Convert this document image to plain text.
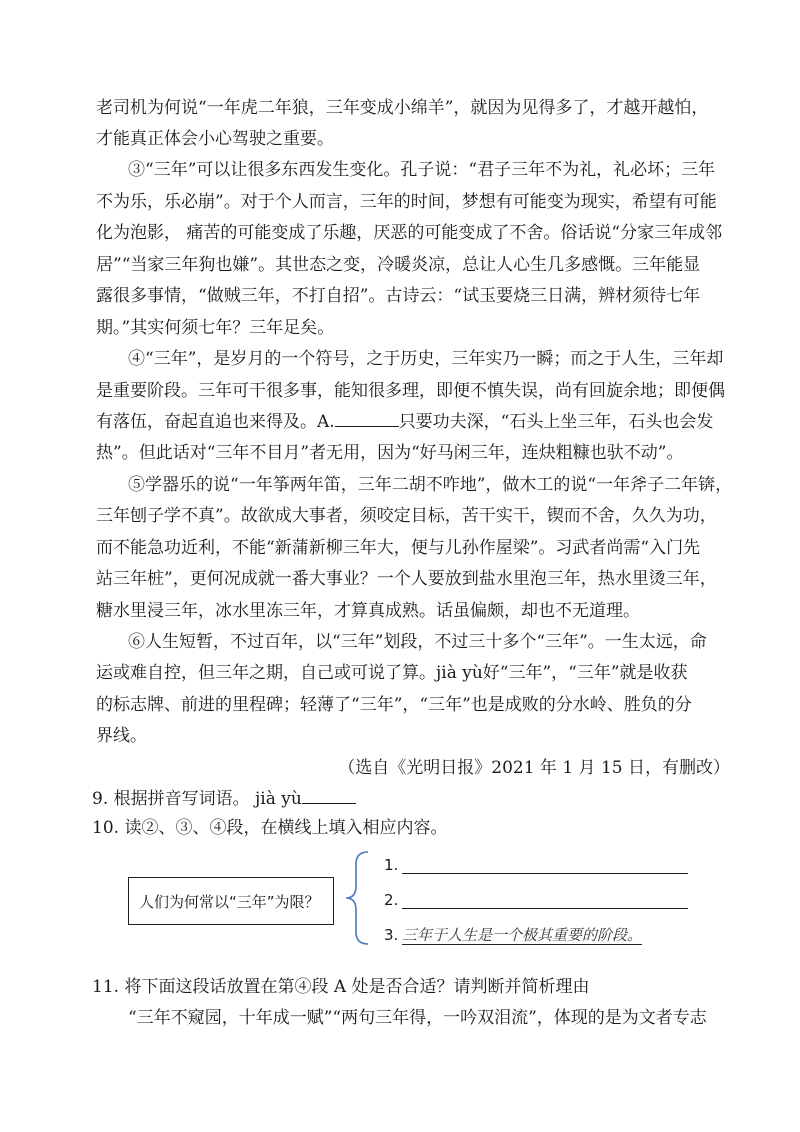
老司机为何说“一年虎二年狼，三年变成小绵羊”，就因为见得多了，才越开越怕，
才能真正体会小心驾驶之重要。
③“三年”可以让很多东西发生变化。孔子说：“君子三年不为礼，礼必坏；三年
不为乐，乐必崩”。对于个人而言，三年的时间，梦想有可能变为现实，希望有可能
化为泡影， 痛苦的可能变成了乐趣，厌恶的可能变成了不舍。俗话说“分家三年成邻
居”“当家三年狗也嫌”。其世态之变，冷暖炎凉，总让人心生几多感慨。三年能显
露很多事情，“做贼三年，不打自招”。古诗云：“试玉要烧三日满，辨材须待七年
期。”其实何须七年？三年足矣。
④“三年”，是岁月的一个符号，之于历史，三年实乃一瞬；而之于人生，三年却
是重要阶段。三年可干很多事，能知很多理，即便不慎失误，尚有回旋余地；即便偶
有落伍，奋起直追也来得及。A.	只要功夫深，“石头上坐三年，石头也会发
热”。但此话对“三年不目月”者无用，因为“好马闲三年，连炔粗糠也驮不动”。
⑤学器乐的说“一年筝两年笛，三年二胡不咋地”，做木工的说“一年斧子二年锛，
三年刨子学不真”。故欲成大事者，须咬定目标，苦干实干，锲而不舍，久久为功，
而不能急功近利，不能“新蒲新柳三年大，便与儿孙作屋梁”。习武者尚需“入门先
站三年桩”，更何况成就一番大事业？一个人要放到盐水里泡三年，热水里烫三年，
糖水里浸三年，冰水里冻三年，才算真成熟。话虽偏颇，却也不无道理。
⑥人生短暂，不过百年，以“三年”划段，不过三十多个“三年”。一生太远，命
运或难自控，但三年之期，自己或可说了算。jià yù好“三年”，“三年”就是收获
的标志牌、前进的里程碑；轻薄了“三年”，“三年”也是成败的分水岭、胜负的分
界线。
（选自《光明日报》2021 年 1 月 15 日，有删改）
9. 根据拼音写词语。 jià yù
10. 读②、③、④段，在横线上填入相应内容。
人们为何常以“三年”为限？
1.
2.
3. 三年于人生是一个极其重要的阶段。
11. 将下面这段话放置在第④段 A 处是否合适？请判断并简析理由
“三年不窥园，十年成一赋”“两句三年得，一吟双泪流”，体现的是为文者专志
